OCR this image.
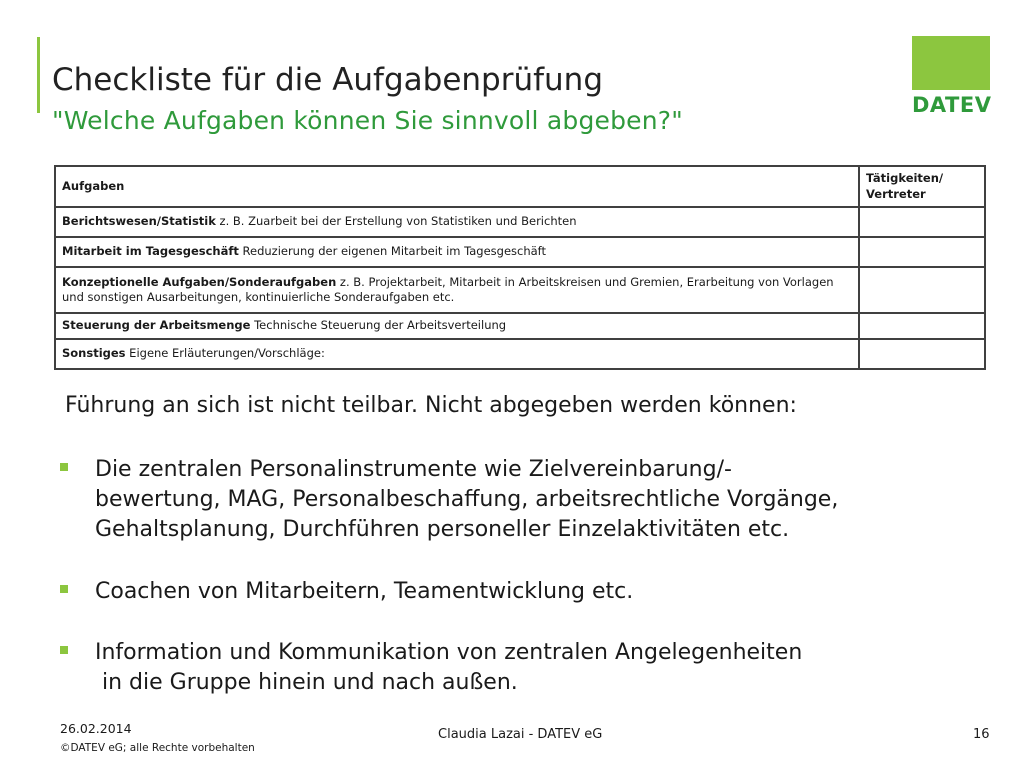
Checkliste für die Aufgabenprüfung
"Welche Aufgaben können Sie sinnvoll abgeben?"
DATEV
Aufgaben	Tätigkeiten/
Vertreter
Berichtswesen/Statistik z. B. Zuarbeit bei der Erstellung von Statistiken und Berichten	
Mitarbeit im Tagesgeschäft Reduzierung der eigenen Mitarbeit im Tagesgeschäft	
Konzeptionelle Aufgaben/Sonderaufgaben z. B. Projektarbeit, Mitarbeit in Arbeitskreisen und Gremien, Erarbeitung von Vorlagen und sonstigen Ausarbeitungen, kontinuierliche Sonderaufgaben etc.	
Steuerung der Arbeitsmenge Technische Steuerung der Arbeitsverteilung	
Sonstiges Eigene Erläuterungen/Vorschläge:	
Führung an sich ist nicht teilbar. Nicht abgegeben werden können:
Die zentralen Personalinstrumente wie Zielvereinbarung/-
bewertung, MAG, Personalbeschaffung, arbeitsrechtliche Vorgänge,
Gehaltsplanung, Durchführen personeller Einzelaktivitäten etc.
Coachen von Mitarbeitern, Teamentwicklung etc.
Information und Kommunikation von zentralen Angelegenheiten
in die Gruppe hinein und nach außen.
26.02.2014
©DATEV eG; alle Rechte vorbehalten
Claudia Lazai - DATEV eG	16
